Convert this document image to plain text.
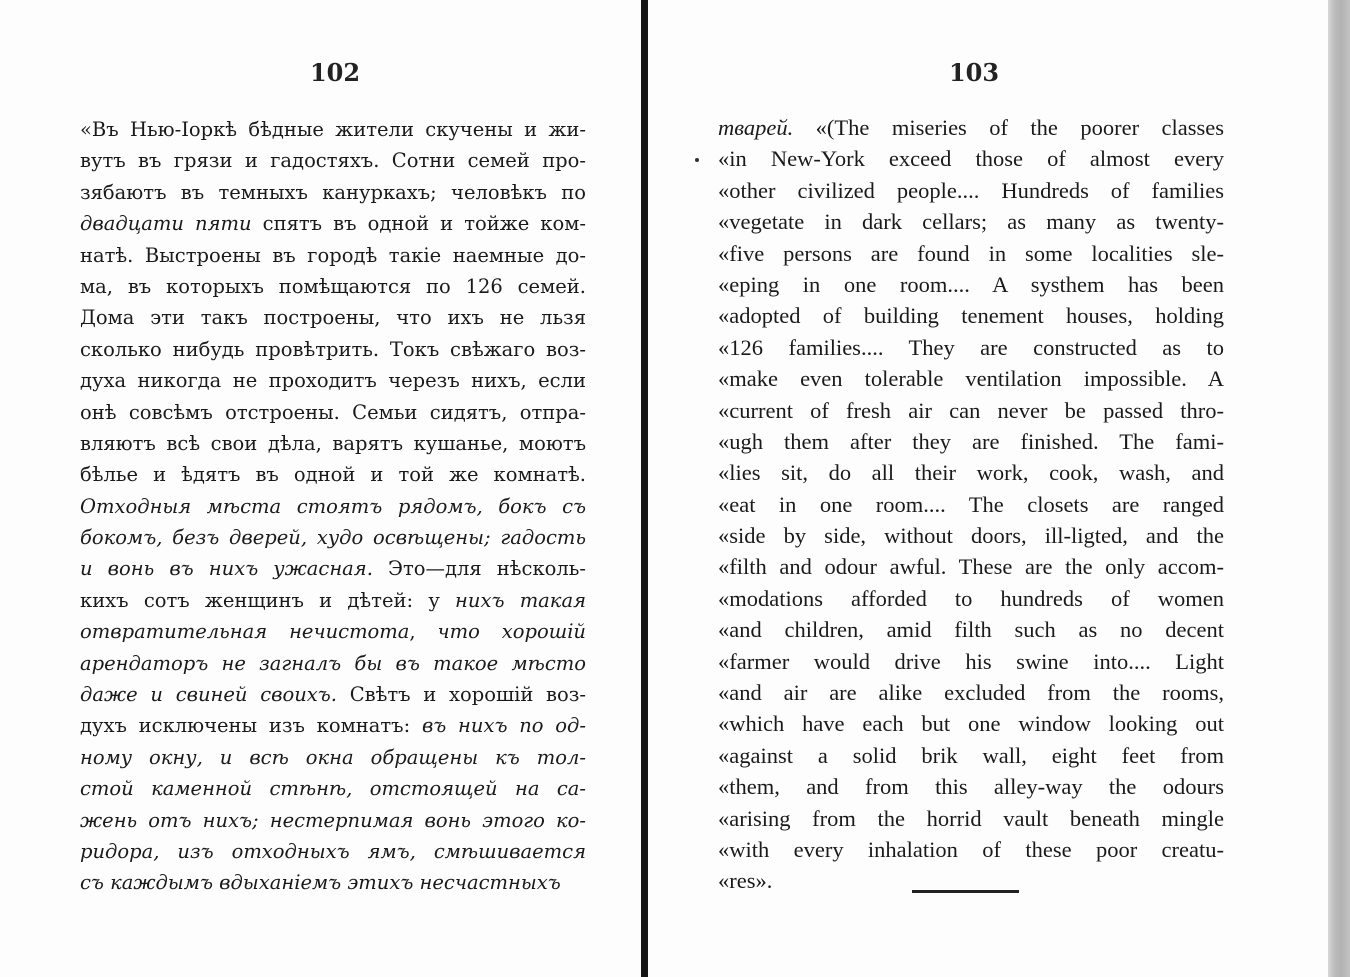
102
«Въ Нью-Іоркѣ бѣдные жители скучены и жи-
вутъ въ грязи и гадостяхъ. Сотни семей про-
зябаютъ въ темныхъ кануркахъ; человѣкъ по
двадцати пяти спятъ въ одной и тойже ком-
натѣ. Выстроены въ городѣ такіе наемные до-
ма, въ которыхъ помѣщаются по 126 семей.
Дома эти такъ построены, что ихъ не льзя
сколько нибудь провѣтрить. Токъ свѣжаго воз-
духа никогда не проходитъ черезъ нихъ, если
онѣ совсѣмъ отстроены. Семьи сидятъ, отпра-
вляютъ всѣ свои дѣла, варятъ кушанье, моютъ
бѣлье и ѣдятъ въ одной и той же комнатѣ.
Отходныя мѣста стоятъ рядомъ, бокъ съ
бокомъ, безъ дверей, худо освѣщены; гадость
и вонь въ нихъ ужасная. Это—для нѣсколь-
кихъ сотъ женщинъ и дѣтей: у нихъ такая
отвратительная нечистота, что хорошій
арендаторъ не загналъ бы въ такое мѣсто
даже и свиней своихъ. Свѣтъ и хорошій воз-
духъ исключены изъ комнатъ: въ нихъ по од-
ному окну, и всѣ окна обращены къ тол-
стой каменной стѣнѣ, отстоящей на са-
жень отъ нихъ; нестерпимая вонь этого ко-
ридора, изъ отходныхъ ямъ, смѣшивается
съ каждымъ вдыханіемъ этихъ несчастныхъ
103
тварей. «(The miseries of the poorer classes
«in New-York exceed those of almost every
«other civilized people.... Hundreds of families
«vegetate in dark cellars; as many as twenty-
«five persons are found in some localities sle-
«eping in one room.... A systhem has been
«adopted of building tenement houses, holding
«126 families.... They are constructed as to
«make even tolerable ventilation impossible. A
«current of fresh air can never be passed thro-
«ugh them after they are finished. The fami-
«lies sit, do all their work, cook, wash, and
«eat in one room.... The closets are ranged
«side by side, without doors, ill-ligted, and the
«filth and odour awful. These are the only accom-
«modations afforded to hundreds of women
«and children, amid filth such as no decent
«farmer would drive his swine into.... Light
«and air are alike excluded from the rooms,
«which have each but one window looking out
«against a solid brik wall, eight feet from
«them, and from this alley-way the odours
«arising from the horrid vault beneath mingle
«with every inhalation of these poor creatu-
«res».
